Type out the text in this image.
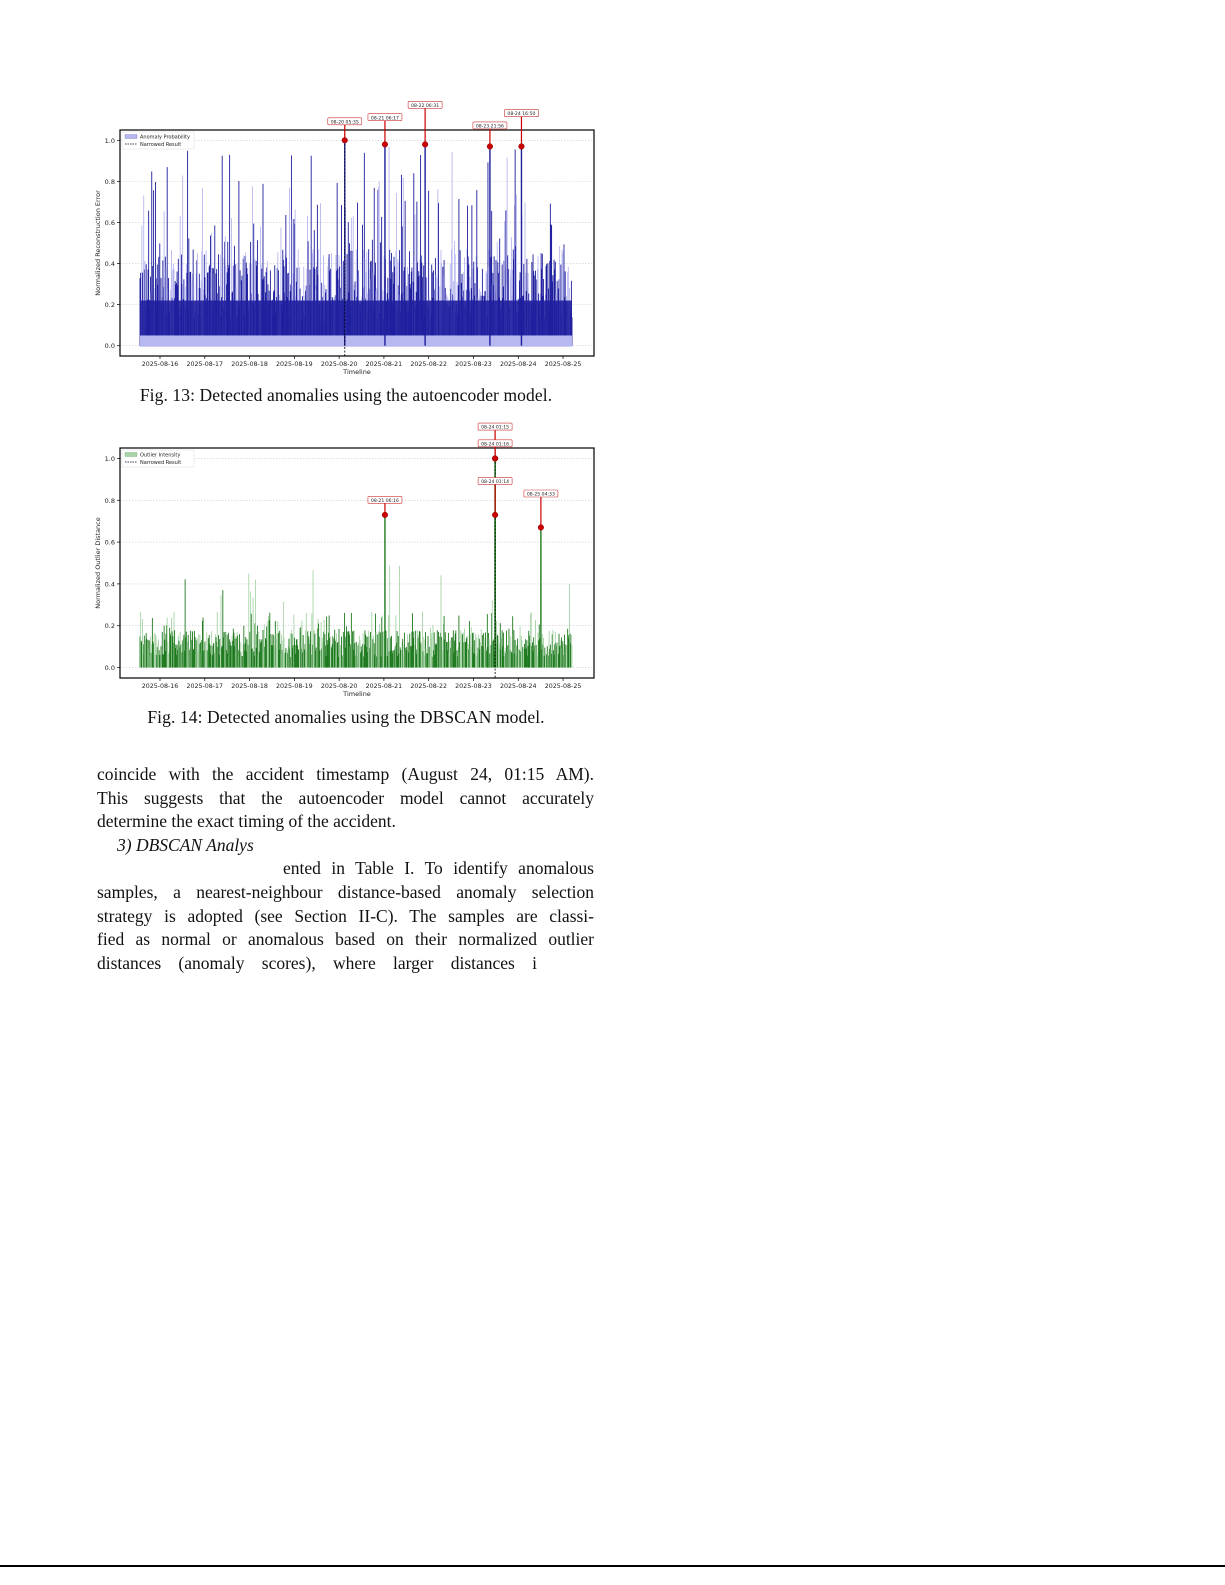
0.0
0.2
0.4
0.6
0.8
1.0
2025-08-16 2025-08-17 2025-08-18 2025-08-19 2025-08-20 2025-08-21 2025-08-22 2025-08-23 2025-08-24 2025-08-25
Timeline
Normalized Reconstruction Error
Anomaly Probability
Narrowed Result
08-20 05:35
08-21 06:17
08-22 06:31
08-23 21:56
08-24 16:50
Fig. 13: Detected anomalies using the autoencoder model.
0.0
0.2
0.4
0.6
0.8
1.0
2025-08-16 2025-08-17 2025-08-18 2025-08-19 2025-08-20 2025-08-21 2025-08-22 2025-08-23 2025-08-24 2025-08-25
Timeline
Normalized Outlier Distance
Outlier Intensity
Narrowed Result
08-21 06:16
08-24 01:15
08-24 01:16
08-24 01:14
08-25 04:33
Fig. 14: Detected anomalies using the DBSCAN model.
coincide with the accident timestamp (August 24, 01:15 AM).
This suggests that the autoencoder model cannot accurately
determine the exact timing of the accident.
3) DBSCAN Analys
ented in Table I. To identify anomalous
samples, a nearest-neighbour distance-based anomaly selection
strategy is adopted (see Section II-C). The samples are classi-
fied as normal or anomalous based on their normalized outlier
distances (anomaly scores), where larger distances i
